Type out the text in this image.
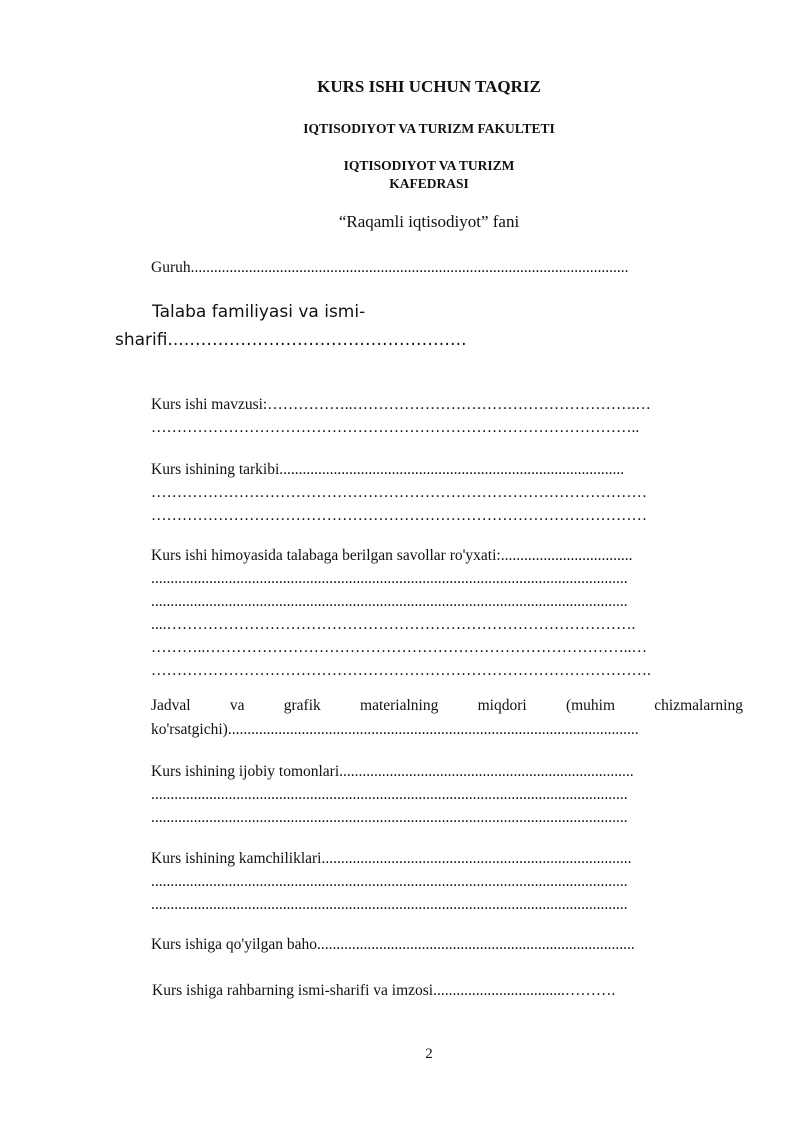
KURS ISHI UCHUN TAQRIZ
IQTISODIYOT VA TURIZM FAKULTETI
IQTISODIYOT VA TURIZM
KAFEDRASI
“Raqamli iqtisodiyot” fani
Guruh.................................................................................................................
Talaba familiyasi va ismi-
sharifi...…………………………………………..
Kurs ishi mavzusi:……………..……………………………………………….…
…………………………………………………………………………………..
Kurs ishining tarkibi.........................................................................................
……………………………………………………………………………………
……………………………………………………………………………………
Kurs ishi himoyasida talabaga berilgan savollar ro'yxati:..................................
...........................................................................................................................
...........................................................................................................................
....……………………………………………………………………………….
………..………………………………………………………………………..…
…………………………………………………………………………………….
Jadval	va	grafik	materialning	miqdori	(muhim	chizmalarning
ko'rsatgichi)..........................................................................................................
Kurs ishining ijobiy tomonlari............................................................................
...........................................................................................................................
...........................................................................................................................
Kurs ishining kamchiliklari................................................................................
...........................................................................................................................
...........................................................................................................................
Kurs ishiga qo'yilgan baho..................................................................................
Kurs ishiga rahbarning ismi-sharifi va imzosi..................................……….
2
